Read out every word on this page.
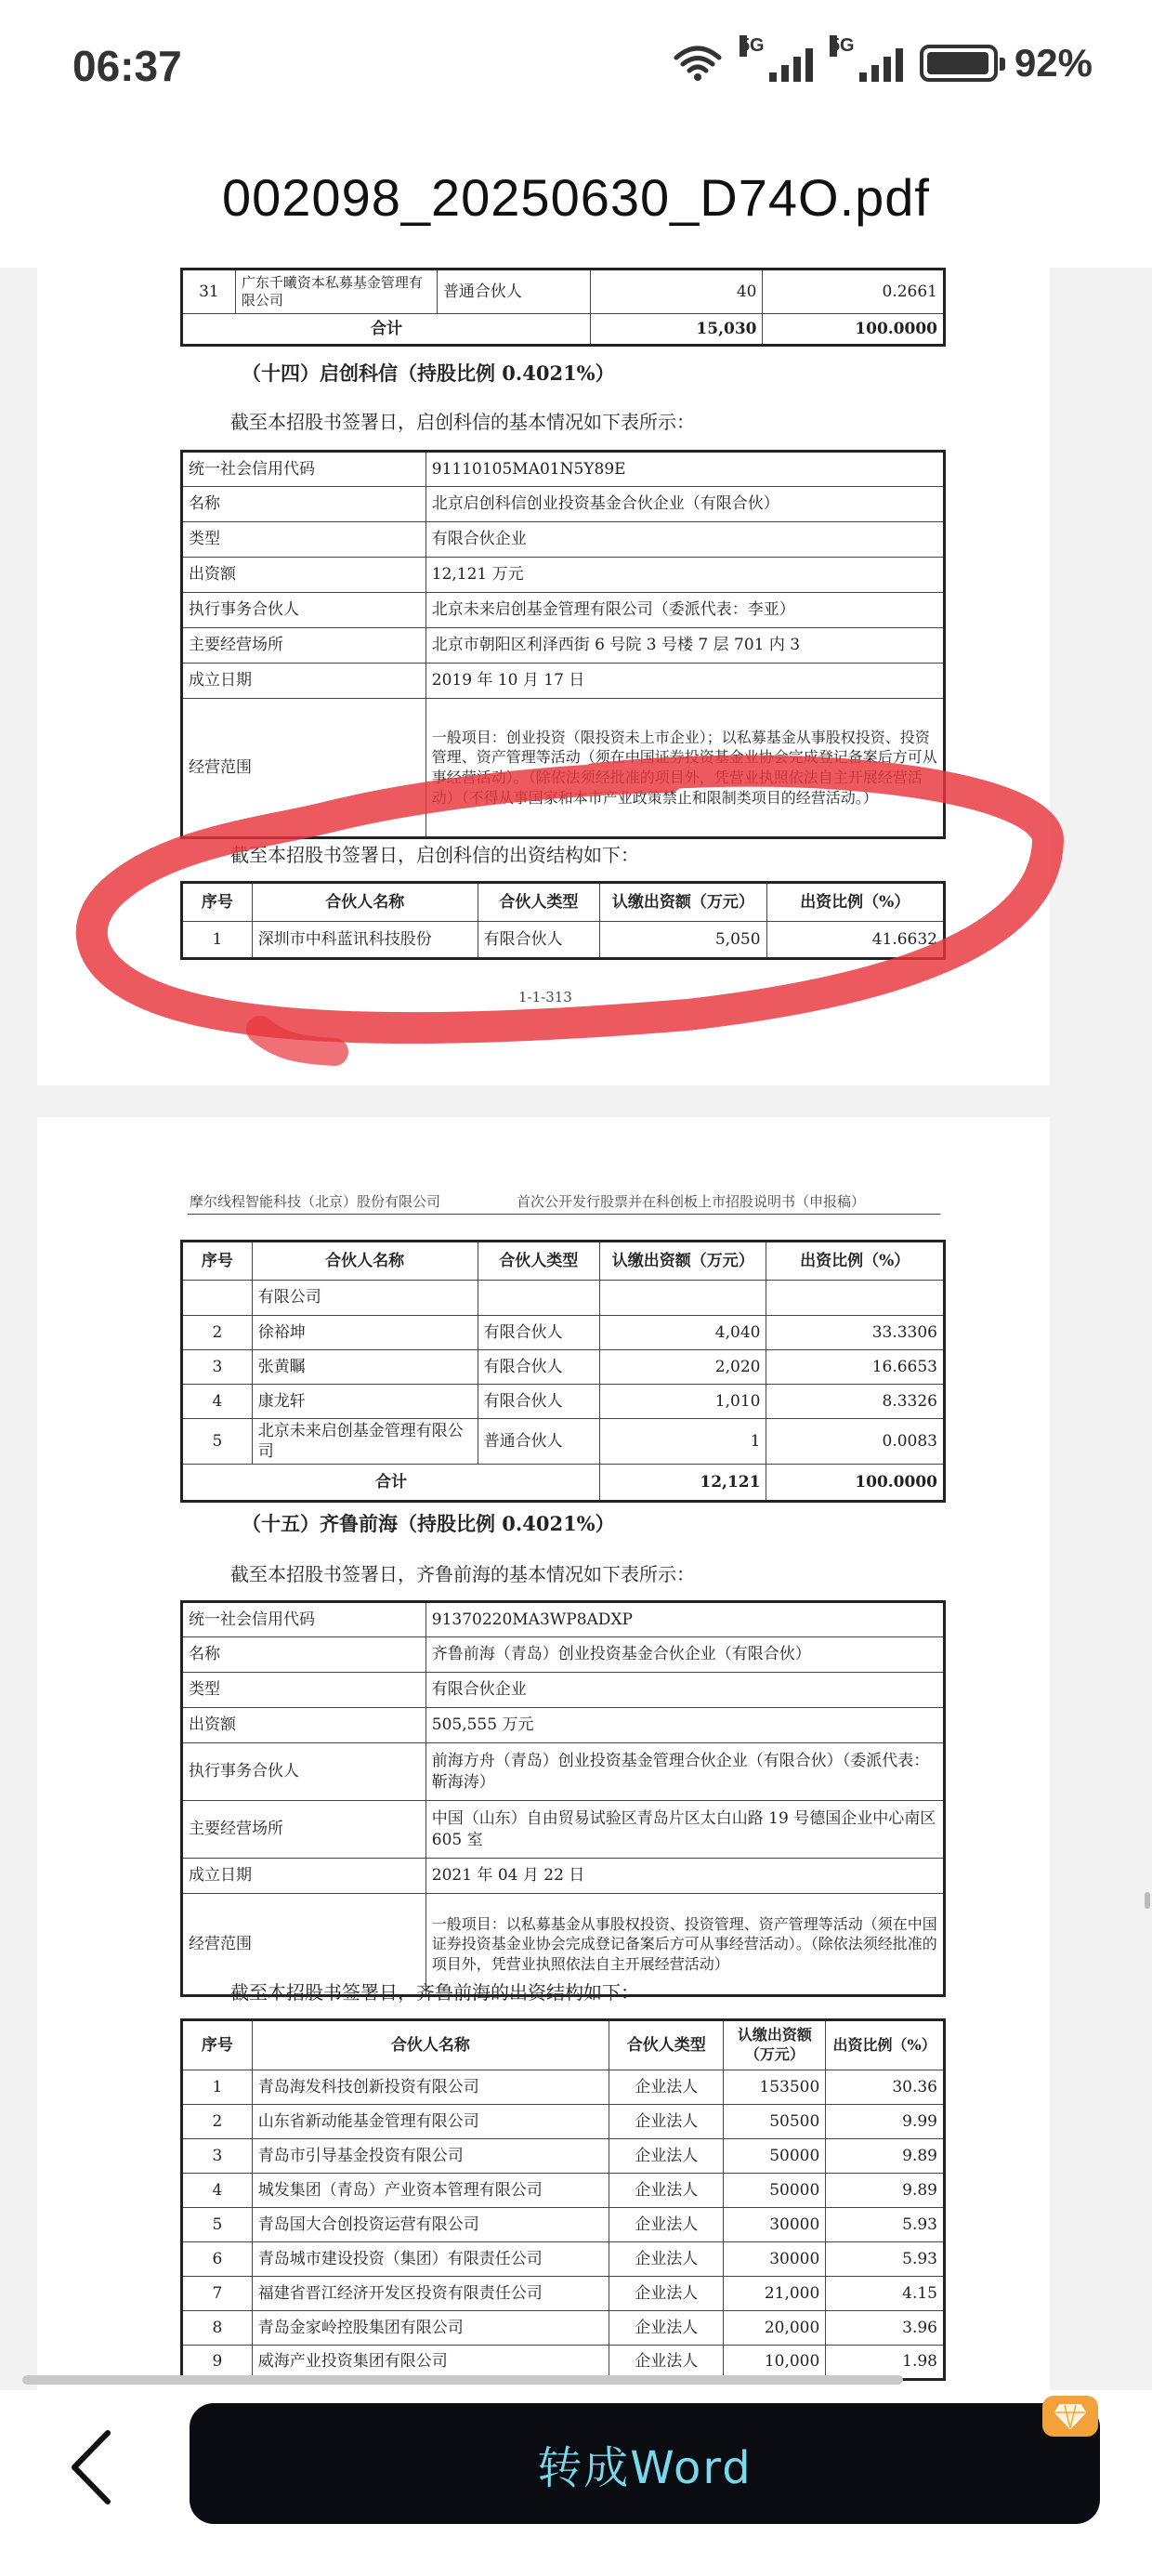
06:37	5G	5G	92%
002098_20250630_D74O.pdf
31	广东千曦资本私募基金管理有限公司	普通合伙人	40	0.2661
合计			15,030	100.0000
（十四）启创科信（持股比例 0.4021%）
截至本招股书签署日，启创科信的基本情况如下表所示：
统一社会信用代码	91110105MA01N5Y89E
名称	北京启创科信创业投资基金合伙企业（有限合伙）
类型	有限合伙企业
出资额	12,121 万元
执行事务合伙人	北京未来启创基金管理有限公司（委派代表：李亚）
主要经营场所	北京市朝阳区利泽西街 6 号院 3 号楼 7 层 701 内 3
成立日期	2019 年 10 月 17 日
经营范围	一般项目：创业投资（限投资未上市企业）；以私募基金从事股权投资、投资管理、资产管理等活动（须在中国证券投资基金业协会完成登记备案后方可从事经营活动）。（除依法须经批准的项目外，凭营业执照依法自主开展经营活动）（不得从事国家和本市产业政策禁止和限制类项目的经营活动。）
截至本招股书签署日，启创科信的出资结构如下：
序号	合伙人名称	合伙人类型	认缴出资额（万元）	出资比例（%）
1	深圳市中科蓝讯科技股份	有限合伙人	5,050	41.6632
1-1-313
摩尔线程智能科技（北京）股份有限公司	首次公开发行股票并在科创板上市招股说明书（申报稿）
序号	合伙人名称	合伙人类型	认缴出资额（万元）	出资比例（%）
	有限公司			
2	徐裕坤	有限合伙人	4,040	33.3306
3	张黄瞩	有限合伙人	2,020	16.6653
4	康龙轩	有限合伙人	1,010	8.3326
5	北京未来启创基金管理有限公司	普通合伙人	1	0.0083
合计			12,121	100.0000
（十五）齐鲁前海（持股比例 0.4021%）
截至本招股书签署日，齐鲁前海的基本情况如下表所示：
统一社会信用代码	91370220MA3WP8ADXP
名称	齐鲁前海（青岛）创业投资基金合伙企业（有限合伙）
类型	有限合伙企业
出资额	505,555 万元
执行事务合伙人	前海方舟（青岛）创业投资基金管理合伙企业（有限合伙）（委派代表：靳海涛）
主要经营场所	中国（山东）自由贸易试验区青岛片区太白山路 19 号德国企业中心南区 605 室
成立日期	2021 年 04 月 22 日
经营范围	一般项目：以私募基金从事股权投资、投资管理、资产管理等活动（须在中国证券投资基金业协会完成登记备案后方可从事经营活动）。（除依法须经批准的项目外，凭营业执照依法自主开展经营活动）
截至本招股书签署日，齐鲁前海的出资结构如下：
序号	合伙人名称	合伙人类型	认缴出资额（万元）	出资比例（%）
1	青岛海发科技创新投资有限公司	企业法人	153500	30.36
2	山东省新动能基金管理有限公司	企业法人	50500	9.99
3	青岛市引导基金投资有限公司	企业法人	50000	9.89
4	城发集团（青岛）产业资本管理有限公司	企业法人	50000	9.89
5	青岛国大合创投资运营有限公司	企业法人	30000	5.93
6	青岛城市建设投资（集团）有限责任公司	企业法人	30000	5.93
7	福建省晋江经济开发区投资有限责任公司	企业法人	21,000	4.15
8	青岛金家岭控股集团有限公司	企业法人	20,000	3.96
9	威海产业投资集团有限公司	企业法人	10,000	1.98
转成Word
